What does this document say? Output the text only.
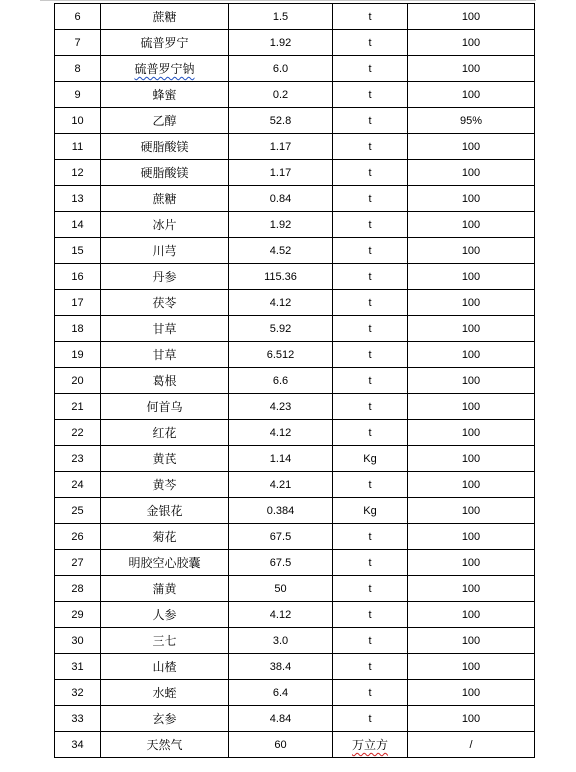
6	蔗糖	1.5	t	100
7	硫普罗宁	1.92	t	100
8	硫普罗宁钠	6.0	t	100
9	蜂蜜	0.2	t	100
10	乙醇	52.8	t	95%
11	硬脂酸镁	1.17	t	100
12	硬脂酸镁	1.17	t	100
13	蔗糖	0.84	t	100
14	冰片	1.92	t	100
15	川芎	4.52	t	100
16	丹参	115.36	t	100
17	茯苓	4.12	t	100
18	甘草	5.92	t	100
19	甘草	6.512	t	100
20	葛根	6.6	t	100
21	何首乌	4.23	t	100
22	红花	4.12	t	100
23	黄芪	1.14	Kg	100
24	黄芩	4.21	t	100
25	金银花	0.384	Kg	100
26	菊花	67.5	t	100
27	明胶空心胶囊	67.5	t	100
28	蒲黄	50	t	100
29	人参	4.12	t	100
30	三七	3.0	t	100
31	山楂	38.4	t	100
32	水蛭	6.4	t	100
33	玄参	4.84	t	100
34	天然气	60	万立方	/
